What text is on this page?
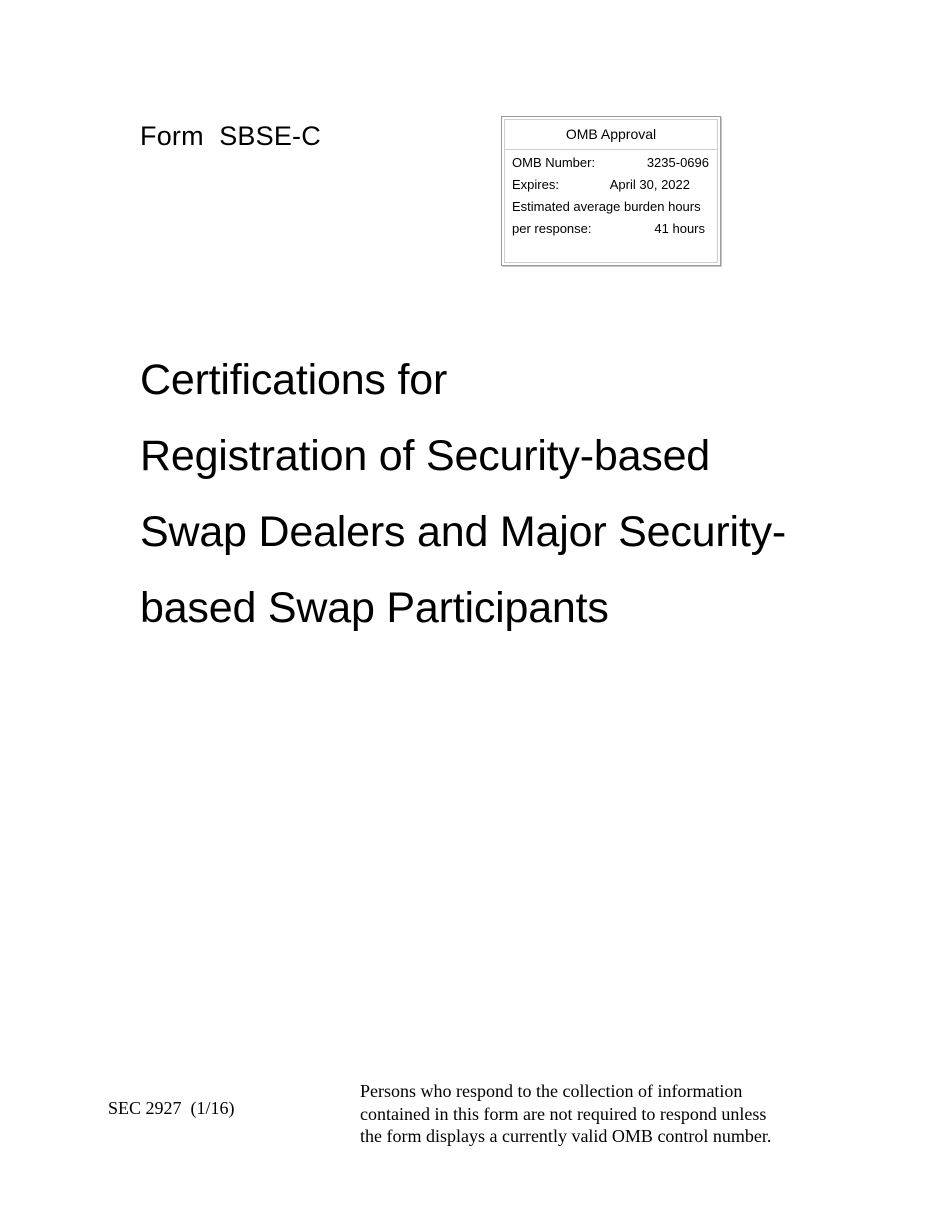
Form  SBSE-C	OMB Approval
OMB Number:	3235-0696
Expires:	April 30, 2022
Estimated average burden hours
per response:	41 hours
Certifications for
Registration of Security-based
Swap Dealers and Major Security-
based Swap Participants
SEC 2927  (1/16)
Persons who respond to the collection of information
contained in this form are not required to respond unless
the form displays a currently valid OMB control number.
